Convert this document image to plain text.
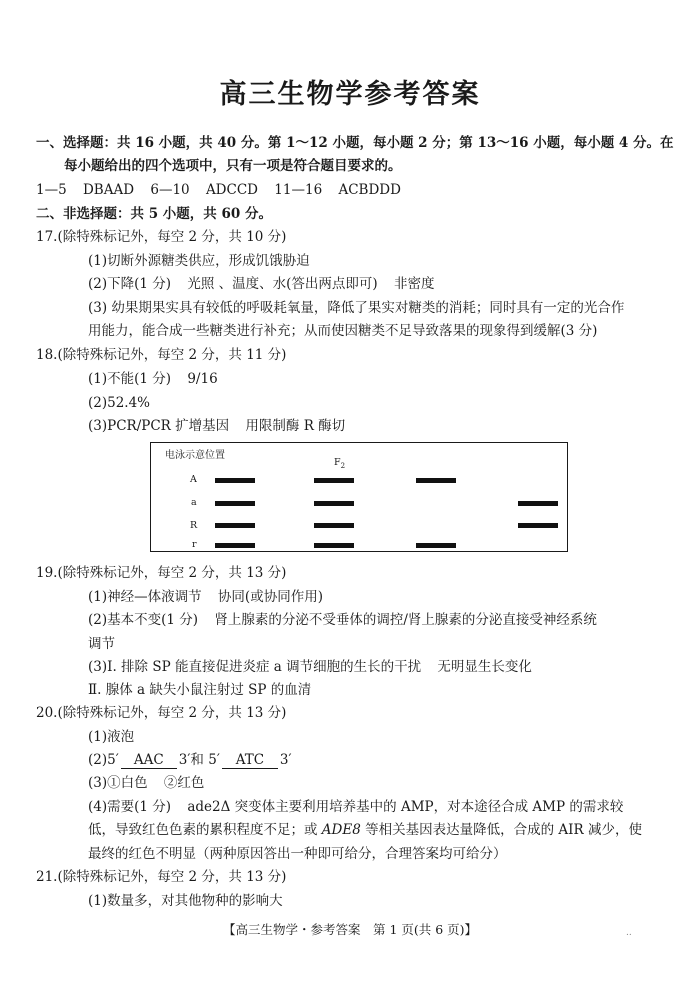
高三生物学参考答案
一、选择题：共 16 小题，共 40 分。第 1～12 小题，每小题 2 分；第 13～16 小题，每小题 4 分。在
每小题给出的四个选项中，只有一项是符合题目要求的。
1—5 DBAAD 6—10 ADCCD 11—16 ACBDDD
二、非选择题：共 5 小题，共 60 分。
17.(除特殊标记外，每空 2 分，共 10 分)
(1)切断外源糖类供应，形成饥饿胁迫
(2)下降(1 分) 光照 、温度、水(答出两点即可) 非密度
(3) 幼果期果实具有较低的呼吸耗氧量，降低了果实对糖类的消耗；同时具有一定的光合作
用能力，能合成一些糖类进行补充；从而使因糖类不足导致落果的现象得到缓解(3 分)
18.(除特殊标记外，每空 2 分，共 11 分)
(1)不能(1 分) 9/16
(2)52.4%
(3)PCR/PCR 扩增基因 用限制酶 R 酶切
电泳示意位置
$F_2$
A
a
R
r
19.(除特殊标记外，每空 2 分，共 13 分)
(1)神经—体液调节 协同(或协同作用)
(2)基本不变(1 分) 肾上腺素的分泌不受垂体的调控/肾上腺素的分泌直接受神经系统
调节
(3)Ⅰ. 排除 SP 能直接促进炎症 a 调节细胞的生长的干扰 无明显生长变化
Ⅱ. 腺体 a 缺失小鼠注射过 SP 的血清
20.(除特殊标记外，每空 2 分，共 13 分)
(1)液泡
(2)5′ AAC 3′和 5′ ATC 3′
(3)①白色 ②红色
(4)需要(1 分) ade2Δ 突变体主要利用培养基中的 AMP，对本途径合成 AMP 的需求较
低，导致红色色素的累积程度不足；或 ADE8 等相关基因表达量降低，合成的 AIR 减少，使
最终的红色不明显（两种原因答出一种即可给分，合理答案均可给分）
21.(除特殊标记外，每空 2 分，共 13 分)
(1)数量多，对其他物种的影响大
【高三生物学・参考答案　第 1 页(共 6 页)】	..
